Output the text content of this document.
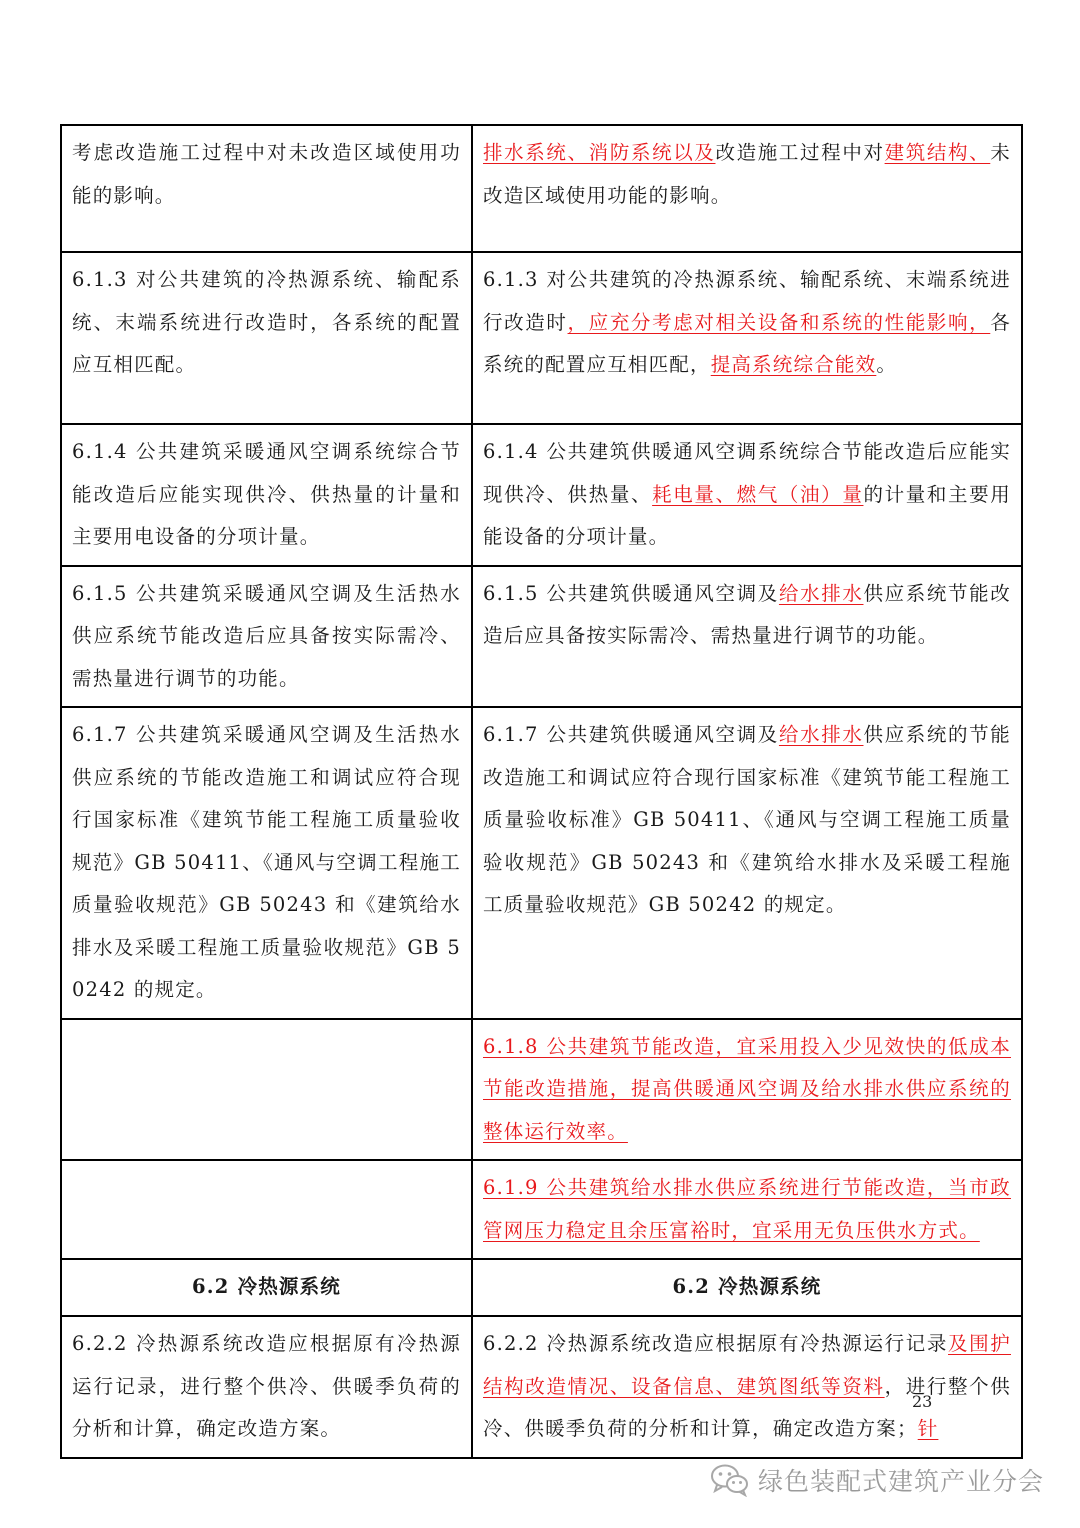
考虑改造施工过程中对未改造区域使用功能的影响。	排水系统、消防系统以及改造施工过程中对建筑结构、未改造区域使用功能的影响。
6.1.3 对公共建筑的冷热源系统、输配系统、末端系统进行改造时，各系统的配置应互相匹配。	6.1.3 对公共建筑的冷热源系统、输配系统、末端系统进行改造时，应充分考虑对相关设备和系统的性能影响，各系统的配置应互相匹配，提高系统综合能效。
6.1.4 公共建筑采暖通风空调系统综合节能改造后应能实现供冷、供热量的计量和主要用电设备的分项计量。	6.1.4 公共建筑供暖通风空调系统综合节能改造后应能实现供冷、供热量、耗电量、燃气（油）量的计量和主要用能设备的分项计量。
6.1.5 公共建筑采暖通风空调及生活热水供应系统节能改造后应具备按实际需冷、需热量进行调节的功能。	6.1.5 公共建筑供暖通风空调及给水排水供应系统节能改造后应具备按实际需冷、需热量进行调节的功能。
6.1.7 公共建筑采暖通风空调及生活热水供应系统的节能改造施工和调试应符合现行国家标准《建筑节能工程施工质量验收规范》GB 50411、《通风与空调工程施工质量验收规范》GB 50243 和《建筑给水排水及采暖工程施工质量验收规范》GB 50242 的规定。	6.1.7 公共建筑供暖通风空调及给水排水供应系统的节能改造施工和调试应符合现行国家标准《建筑节能工程施工质量验收标准》GB 50411、《通风与空调工程施工质量验收规范》GB 50243 和《建筑给水排水及采暖工程施工质量验收规范》GB 50242 的规定。
	6.1.8 公共建筑节能改造，宜采用投入少见效快的低成本节能改造措施，提高供暖通风空调及给水排水供应系统的整体运行效率。
	6.1.9 公共建筑给水排水供应系统进行节能改造，当市政管网压力稳定且余压富裕时，宜采用无负压供水方式。
6.2 冷热源系统	6.2 冷热源系统
6.2.2 冷热源系统改造应根据原有冷热源运行记录，进行整个供冷、供暖季负荷的分析和计算，确定改造方案。	6.2.2 冷热源系统改造应根据原有冷热源运行记录及围护结构改造情况、设备信息、建筑图纸等资料，进行整个供冷、供暖季负荷的分析和计算，确定改造方案；针
23
绿色装配式建筑产业分会
